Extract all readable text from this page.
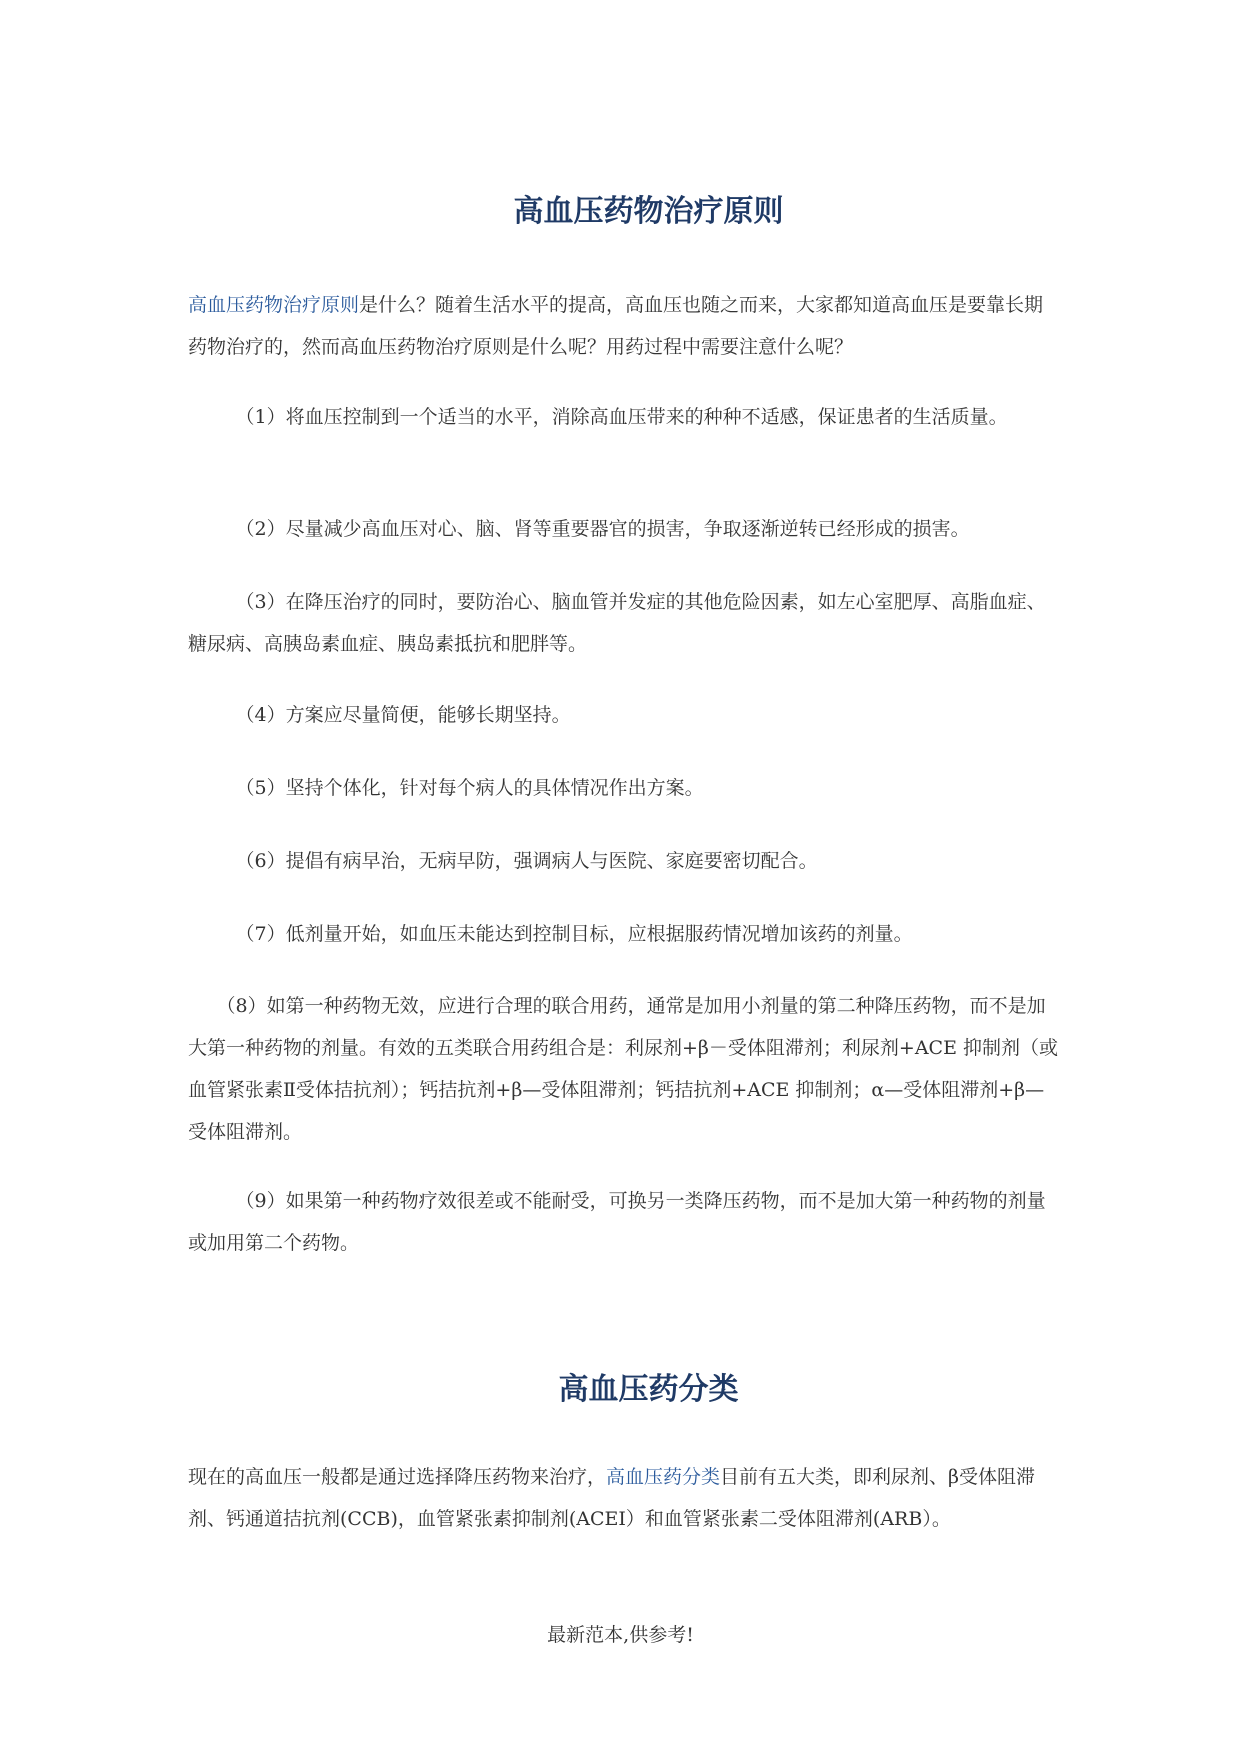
高血压药物治疗原则

高血压药物治疗原则是什么？随着生活水平的提高，高血压也随之而来，大家都知道高血压是要靠长期药物治疗的，然而高血压药物治疗原则是什么呢？用药过程中需要注意什么呢？

（1）将血压控制到一个适当的水平，消除高血压带来的种种不适感，保证患者的生活质量。

（2）尽量减少高血压对心、脑、肾等重要器官的损害，争取逐渐逆转已经形成的损害。

（3）在降压治疗的同时，要防治心、脑血管并发症的其他危险因素，如左心室肥厚、高脂血症、糖尿病、高胰岛素血症、胰岛素抵抗和肥胖等。

（4）方案应尽量简便，能够长期坚持。

（5）坚持个体化，针对每个病人的具体情况作出方案。

（6）提倡有病早治，无病早防，强调病人与医院、家庭要密切配合。

（7）低剂量开始，如血压未能达到控制目标，应根据服药情况增加该药的剂量。

（8）如第一种药物无效，应进行合理的联合用药，通常是加用小剂量的第二种降压药物，而不是加大第一种药物的剂量。有效的五类联合用药组合是：利尿剂+β－受体阻滞剂；利尿剂+ACE 抑制剂（或血管紧张素Ⅱ受体拮抗剂）；钙拮抗剂+β—受体阻滞剂；钙拮抗剂+ACE 抑制剂；α—受体阻滞剂+β—受体阻滞剂。

（9）如果第一种药物疗效很差或不能耐受，可换另一类降压药物，而不是加大第一种药物的剂量或加用第二个药物。

高血压药分类

现在的高血压一般都是通过选择降压药物来治疗，高血压药分类目前有五大类，即利尿剂、β受体阻滞剂、钙通道拮抗剂(CCB)，血管紧张素抑制剂(ACEI）和血管紧张素二受体阻滞剂(ARB）。

最新范本,供参考!
